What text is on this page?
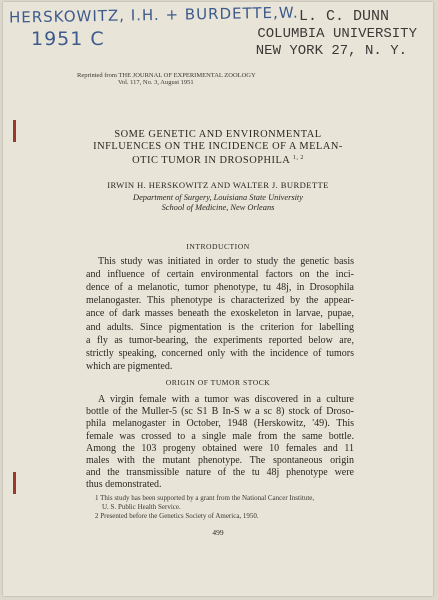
HERSKOWITZ, I.H. + BURDETTE,W.
1951 C
L. C. DUNN
COLUMBIA UNIVERSITY
NEW YORK 27, N. Y.
Reprinted from THE JOURNAL OF EXPERIMENTAL ZOOLOGY
Vol. 117, No. 3, August 1951
SOME GENETIC AND ENVIRONMENTAL
INFLUENCES ON THE INCIDENCE OF A MELAN-
OTIC TUMOR IN DROSOPHILA $^{1, 2}$
IRWIN H. HERSKOWITZ AND WALTER J. BURDETTE
Department of Surgery, Louisiana State University
School of Medicine, New Orleans
INTRODUCTION
This study was initiated in order to study the genetic basis
and influence of certain environmental factors on the inci-
dence of a melanotic, tumor phenotype, tu 48j, in Drosophila
melanogaster. This phenotype is characterized by the appear-
ance of dark masses beneath the exoskeleton in larvae, pupae,
and adults. Since pigmentation is the criterion for labelling
a fly as tumor-bearing, the experiments reported below are,
strictly speaking, concerned only with the incidence of tumors
which are pigmented.
ORIGIN OF TUMOR STOCK
A virgin female with a tumor was discovered in a culture
bottle of the Muller-5 (sc S1 B In-S w a sc 8) stock of Droso-
phila melanogaster in October, 1948 (Herskowitz, '49). This
female was crossed to a single male from the same bottle.
Among the 103 progeny obtained were 10 females and 11
males with the mutant phenotype. The spontaneous origin
and the transmissible nature of the tu 48j phenotype were
thus demonstrated.
1 This study has been supported by a grant from the National Cancer Institute,
U. S. Public Health Service.
2 Presented before the Genetics Society of America, 1950.
499
